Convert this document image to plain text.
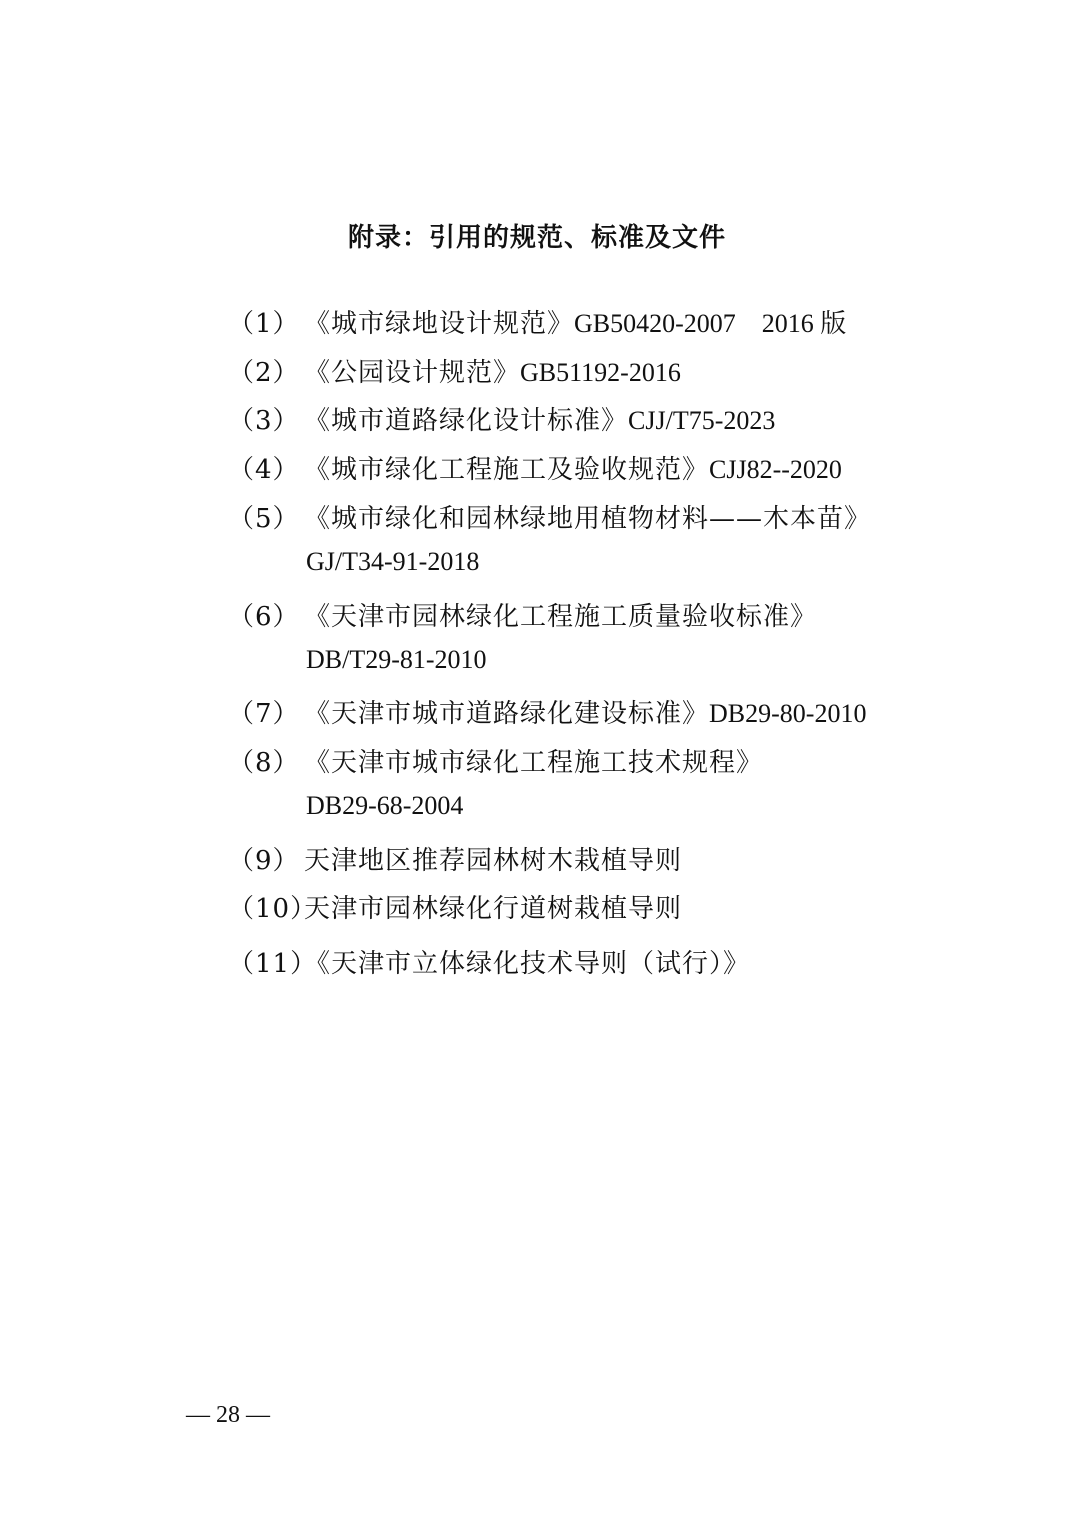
附录：引用的规范、标准及文件
（1） 《城市绿地设计规范》GB50420-2007　2016 版
（2） 《公园设计规范》GB51192-2016
（3） 《城市道路绿化设计标准》CJJ/T75-2023
（4） 《城市绿化工程施工及验收规范》CJJ82--2020
（5） 《城市绿化和园林绿地用植物材料——木本苗》
GJ/T34-91-2018
（6） 《天津市园林绿化工程施工质量验收标准》
DB/T29-81-2010
（7） 《天津市城市道路绿化建设标准》DB29-80-2010
（8） 《天津市城市绿化工程施工技术规程》
DB29-68-2004
（9） 天津地区推荐园林树木栽植导则
（10）天津市园林绿化行道树栽植导则
（11）《天津市立体绿化技术导则（试行）》
— 28 —
